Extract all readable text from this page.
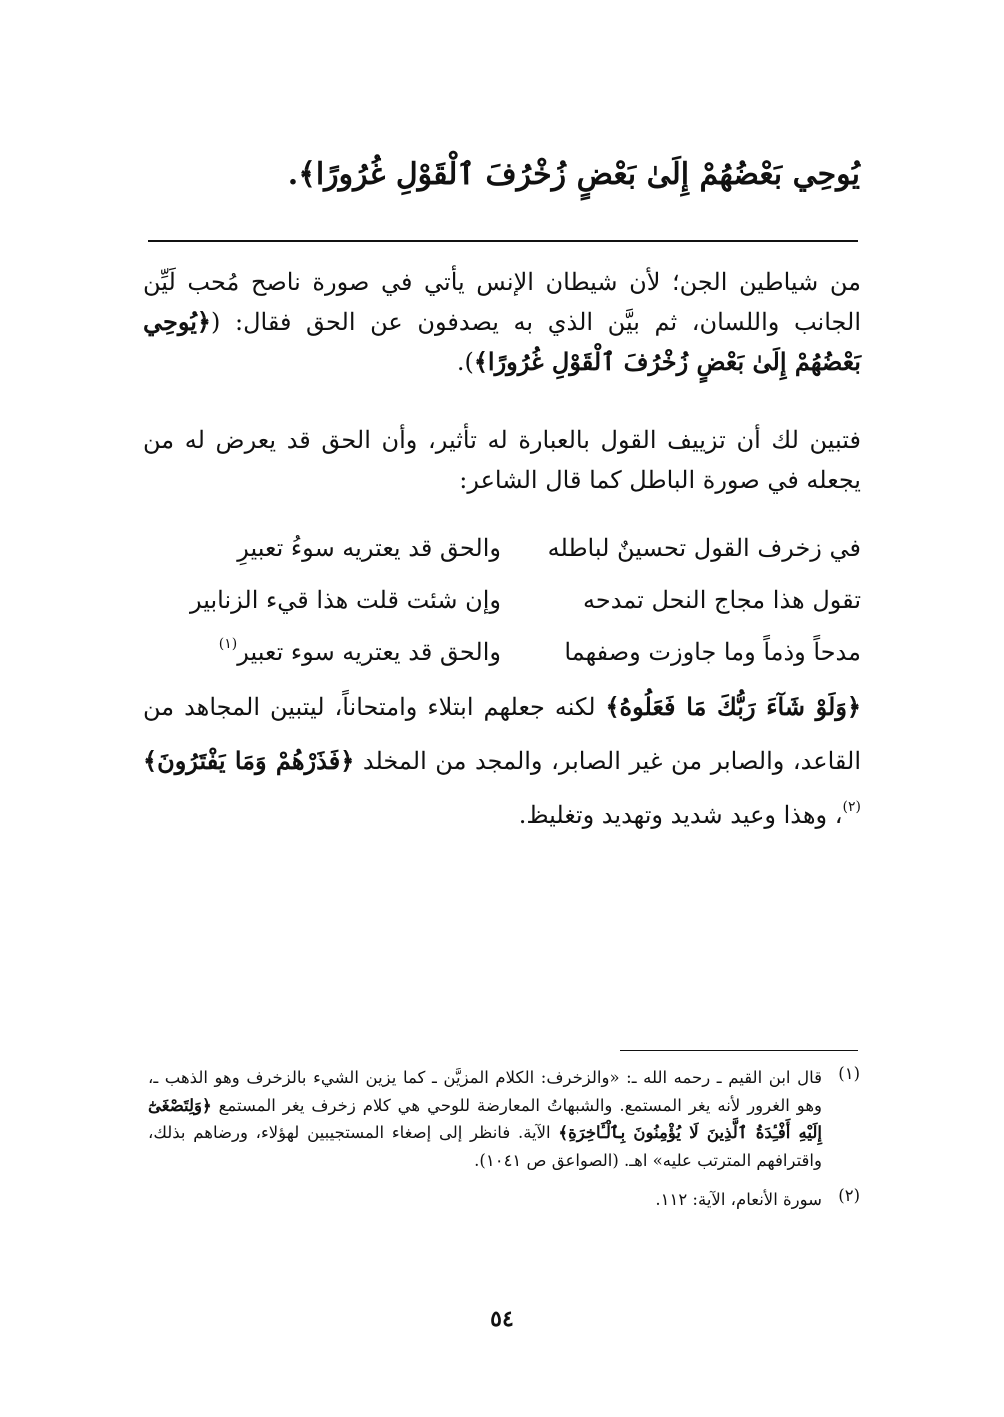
يُوحِي بَعْضُهُمْ إِلَىٰ بَعْضٍ زُخْرُفَ ٱلْقَوْلِ غُرُورًا﴾.
من شياطين الجن؛ لأن شيطان الإنس يأتي في صورة ناصح مُحب لَيِّن الجانب واللسان، ثم بيَّن الذي به يصدفون عن الحق فقال: (﴿يُوحِي بَعْضُهُمْ إِلَىٰ بَعْضٍ زُخْرُفَ ٱلْقَوْلِ غُرُورًا﴾).
فتبين لك أن تزييف القول بالعبارة له تأثير، وأن الحق قد يعرض له من يجعله في صورة الباطل كما قال الشاعر:
في زخرف القول تحسينٌ لباطله
والحق قد يعتريه سوءُ تعبيرِ
تقول هذا مجاج النحل تمدحه
وإن شئت قلت هذا قيء الزنابير
مدحاً وذماً وما جاوزت وصفهما
والحق قد يعتريه سوء تعبير$^{(١)}$
﴿وَلَوْ شَآءَ رَبُّكَ مَا فَعَلُوهُ﴾ لكنه جعلهم ابتلاء وامتحاناً، ليتبين المجاهد من القاعد، والصابر من غير الصابر، والمجد من المخلد ﴿فَذَرْهُمْ وَمَا يَفْتَرُونَ﴾$^{(٢)}$، وهذا وعيد شديد وتهديد وتغليظ.
(١)
قال ابن القيم ـ رحمه الله ـ: «والزخرف: الكلام المزيَّن ـ كما يزين الشيء بالزخرف وهو الذهب ـ، وهو الغرور لأنه يغر المستمع. والشبهاتُ المعارضة للوحي هي كلام زخرف يغر المستمع ﴿وَلِتَصْغَىٰٓ إِلَيْهِ أَفْـِٔدَةُ ٱلَّذِينَ لَا يُؤْمِنُونَ بِٱلْـَٔاخِرَةِ﴾ الآية. فانظر إلى إصغاء المستجيبين لهؤلاء، ورضاهم بذلك، واقترافهم المترتب عليه» اهـ. (الصواعق ص ١٠٤١).
(٢)
سورة الأنعام، الآية: ١١٢.
٥٤
